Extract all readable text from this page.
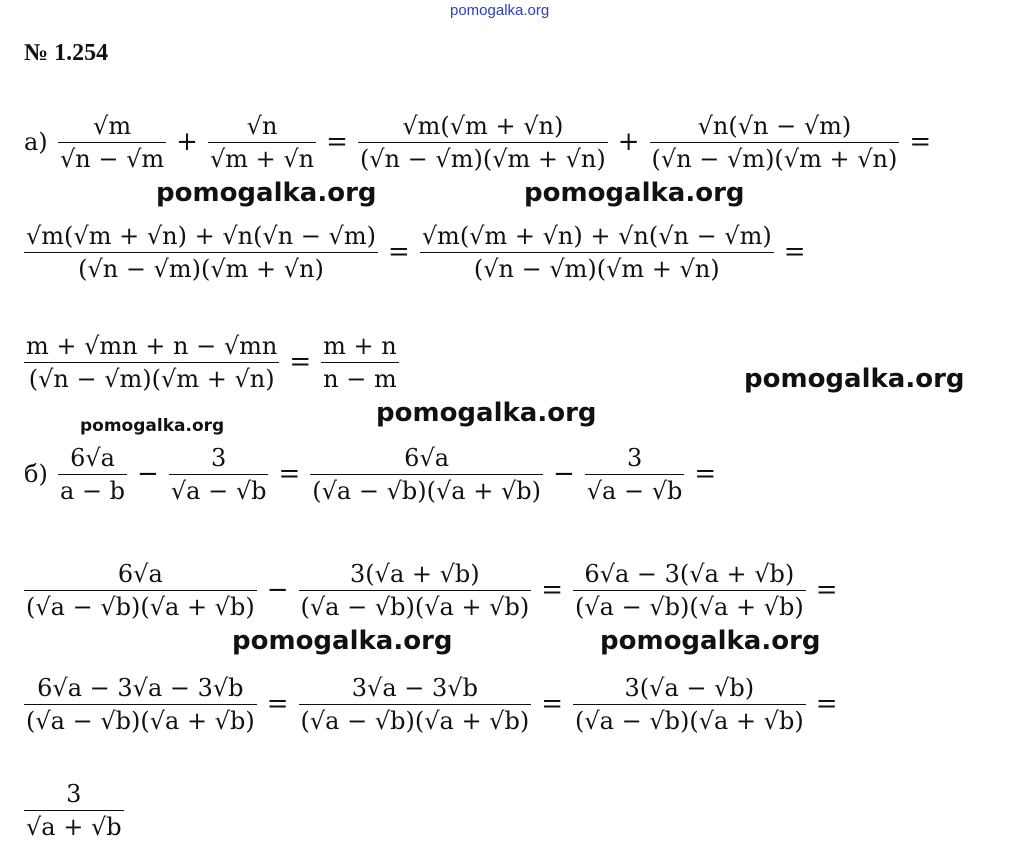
pomogalka.org
№ 1.254
$а) \frac{√m}{√n - √m} + \frac{√n}{√m + √n} = \frac{√m(√m + √n)}{(√n - √m)(√m + √n)} + \frac{√n(√n - √m)}{(√n - √m)(√m + √n)}$ =
$\frac{√m(√m + √n) + √n(√n - √m)}{(√n - √m)(√m + √n)} = \frac{√m(√m + √n) + √n(√n - √m)}{(√n - √m)(√m + √n)}$ =
$\frac{m + √mn + n - √mn}{(√n - √m)(√m + √n)} = \frac{m + n}{n - m}$
$б) \frac{6√a}{a - b} - \frac{3}{√a - √b} = \frac{6√a}{(√a - √b)(√a + √b)} - \frac{3}{√a - √b}$ =
$\frac{6√a}{(√a - √b)(√a + √b)} - \frac{3(√a + √b)}{(√a - √b)(√a + √b)} = \frac{6√a - 3(√a + √b)}{(√a - √b)(√a + √b)}$ =
$\frac{6√a - 3√a - 3√b}{(√a - √b)(√a + √b)} = \frac{3√a - 3√b}{(√a - √b)(√a + √b)} = \frac{3(√a - √b)}{(√a - √b)(√a + √b)}$ =
$\frac{3}{√a + √b}$
pomogalka.org	pomogalka.org
pomogalka.org
pomogalka.org
pomogalka.org
pomogalka.org	pomogalka.org
